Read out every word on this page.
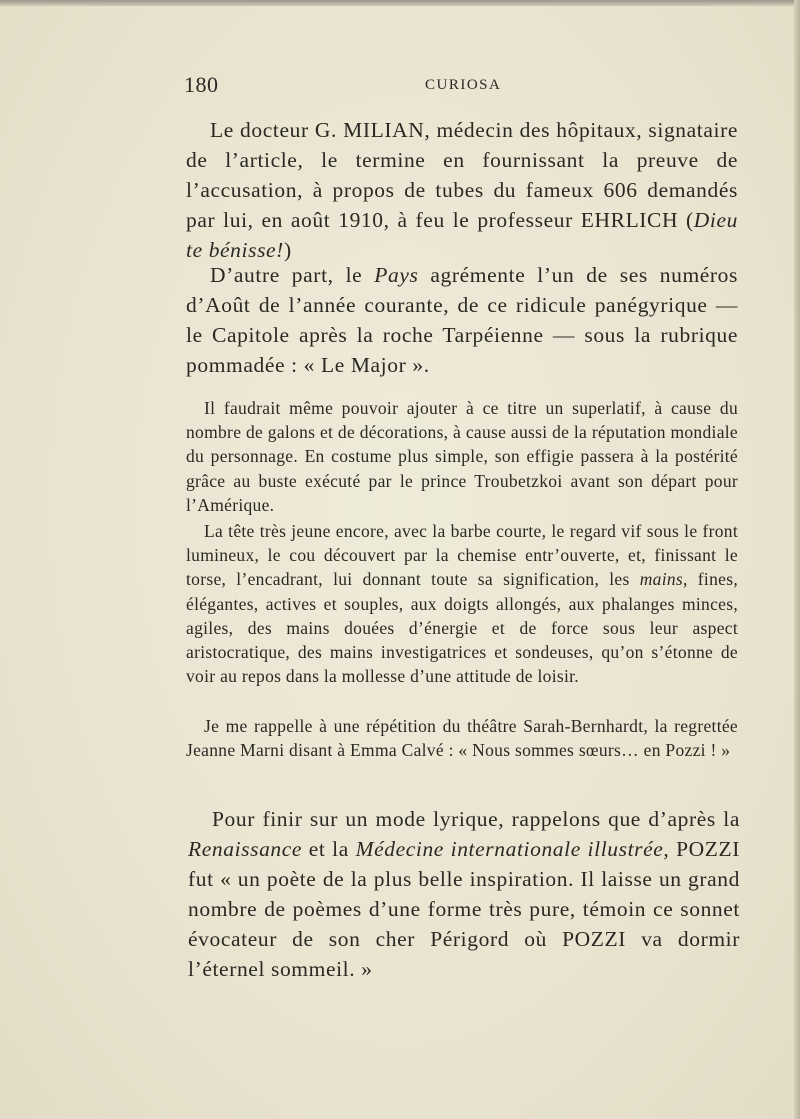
180	CURIOSA

Le docteur G. MILIAN, médecin des hôpitaux, signataire de l’article, le termine en fournissant la preuve de l’accusation, à propos de tubes du fameux 606 demandés par lui, en août 1910, à feu le professeur EHRLICH (Dieu te bénisse!)

D’autre part, le Pays agrémente l’un de ses numéros d’Août de l’année courante, de ce ridicule panégyrique — le Capitole après la roche Tarpéienne — sous la rubrique pommadée : « Le Major ».

Il faudrait même pouvoir ajouter à ce titre un superlatif, à cause du nombre de galons et de décorations, à cause aussi de la réputation mondiale du personnage. En costume plus simple, son effigie passera à la postérité grâce au buste exécuté par le prince Troubetzkoi avant son départ pour l’Amérique.

La tête très jeune encore, avec la barbe courte, le regard vif sous le front lumineux, le cou découvert par la chemise entr’ouverte, et, finissant le torse, l’encadrant, lui donnant toute sa signification, les mains, fines, élégantes, actives et souples, aux doigts allongés, aux phalanges minces, agiles, des mains douées d’énergie et de force sous leur aspect aristocratique, des mains investigatrices et sondeuses, qu’on s’étonne de voir au repos dans la mollesse d’une attitude de loisir.

Je me rappelle à une répétition du théâtre Sarah-Bernhardt, la regrettée Jeanne Marni disant à Emma Calvé : « Nous sommes sœurs… en Pozzi ! »

Pour finir sur un mode lyrique, rappelons que d’après la Renaissance et la Médecine internationale illustrée, POZZI fut « un poète de la plus belle inspiration. Il laisse un grand nombre de poèmes d’une forme très pure, témoin ce sonnet évocateur de son cher Périgord où POZZI va dormir l’éternel sommeil. »
